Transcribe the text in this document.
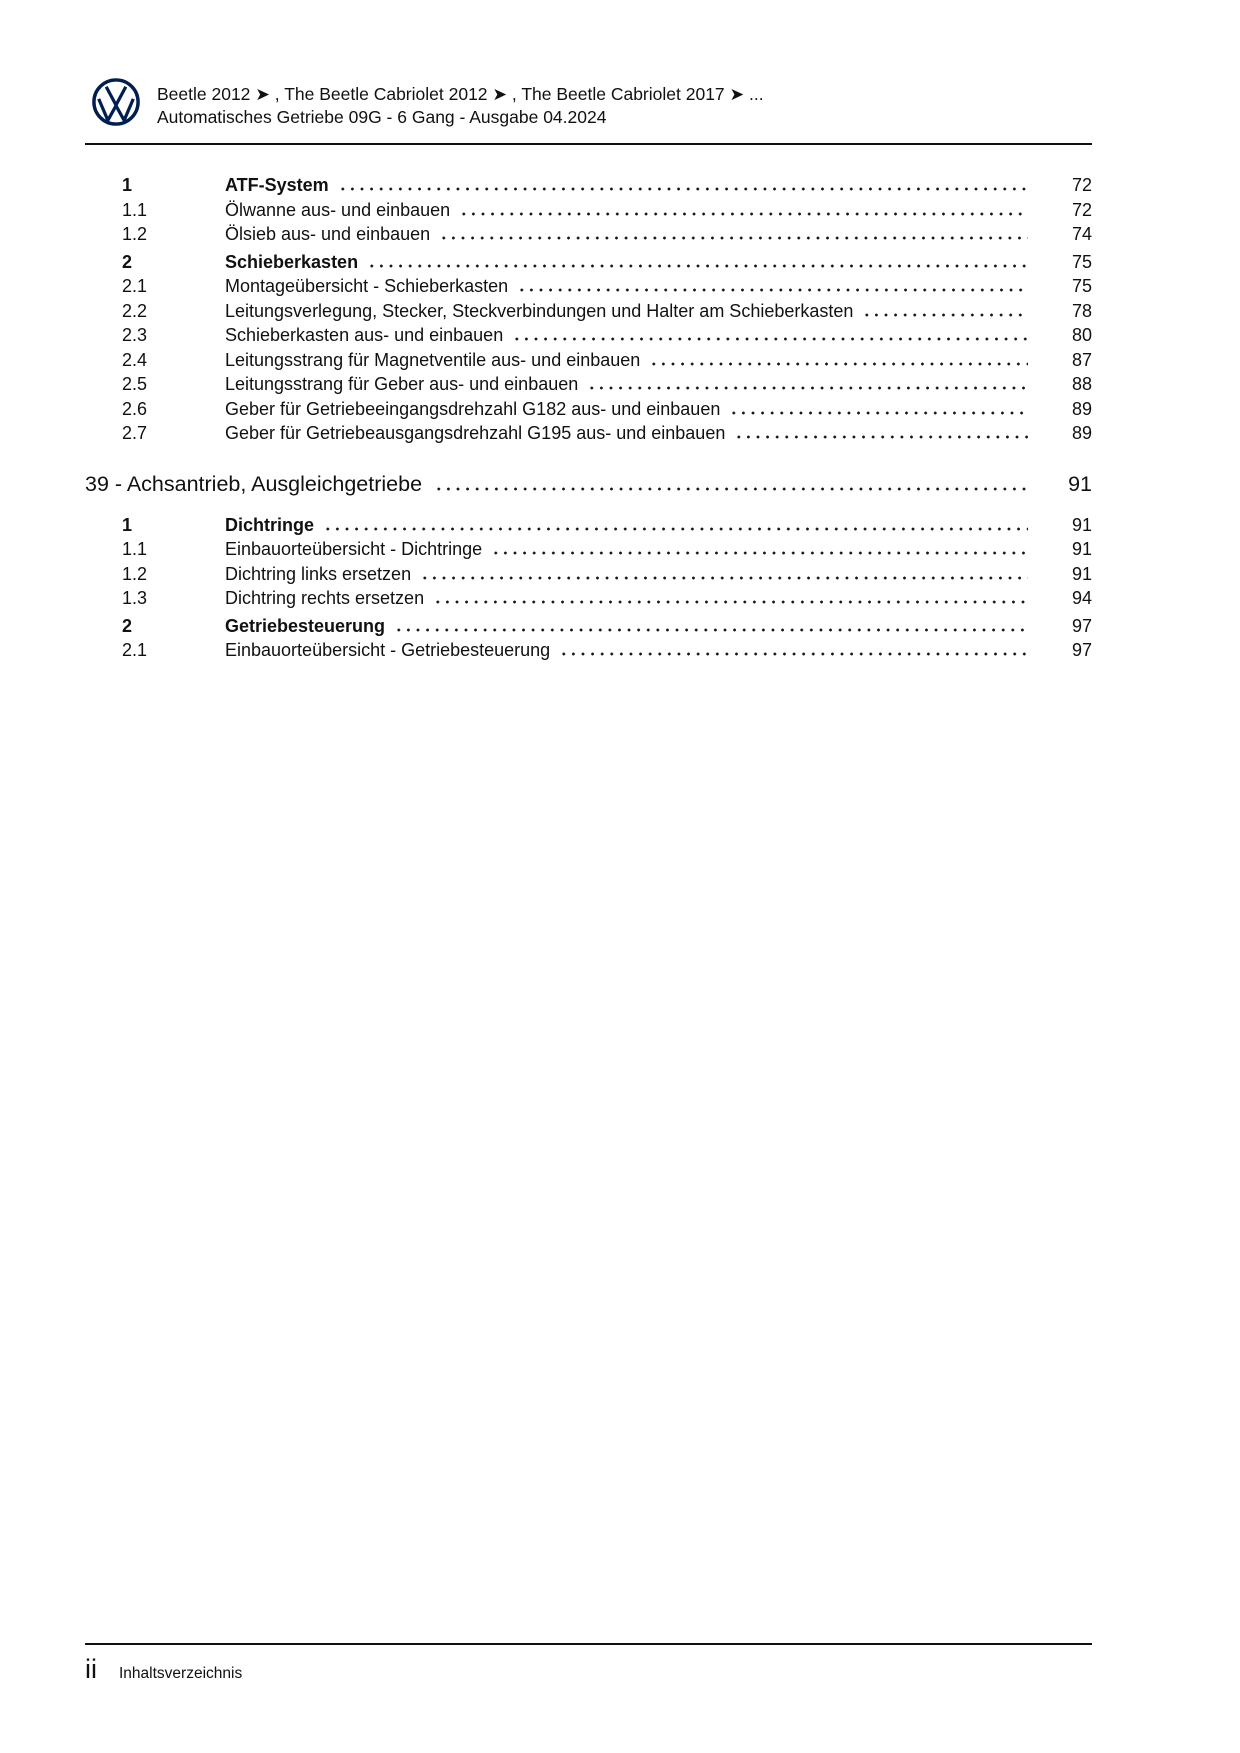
Beetle 2012 ➤ , The Beetle Cabriolet 2012 ➤ , The Beetle Cabriolet 2017 ➤ ...
Automatisches Getriebe 09G - 6 Gang - Ausgabe 04.2024
1	ATF-System	72
1.1	Ölwanne aus- und einbauen	72
1.2	Ölsieb aus- und einbauen	74
2	Schieberkasten	75
2.1	Montageübersicht - Schieberkasten	75
2.2	Leitungsverlegung, Stecker, Steckverbindungen und Halter am Schieberkasten	78
2.3	Schieberkasten aus- und einbauen	80
2.4	Leitungsstrang für Magnetventile aus- und einbauen	87
2.5	Leitungsstrang für Geber aus- und einbauen	88
2.6	Geber für Getriebeeingangsdrehzahl G182 aus- und einbauen	89
2.7	Geber für Getriebeausgangsdrehzahl G195 aus- und einbauen	89
39 - Achsantrieb, Ausgleichgetriebe	91
1	Dichtringe	91
1.1	Einbauorteübersicht - Dichtringe	91
1.2	Dichtring links ersetzen	91
1.3	Dichtring rechts ersetzen	94
2	Getriebesteuerung	97
2.1	Einbauorteübersicht - Getriebesteuerung	97
ii Inhaltsverzeichnis
